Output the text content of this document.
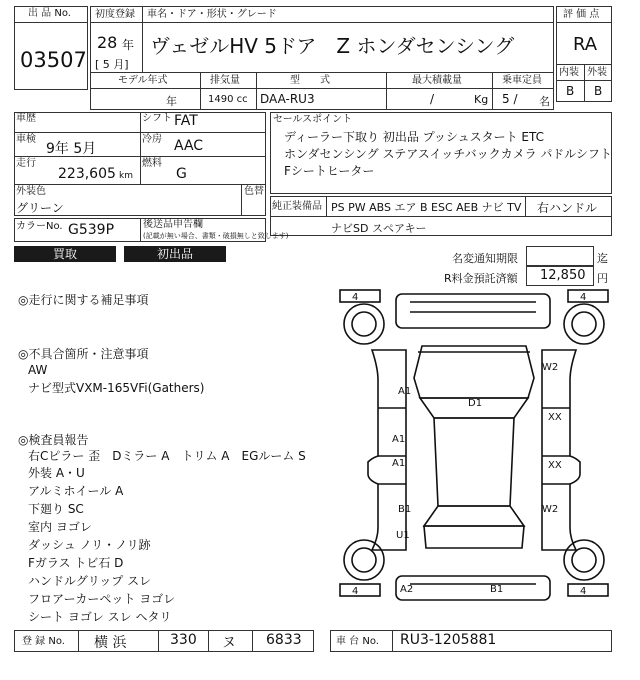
出 品 No.
03507
初度登録 車名・ドア・形状・グレード
28 年
[ 5 月]
ヴェゼルHV 5ドア　Z ホンダセンシング
モデル年式	排気量	型　　式	最大積載量	乗車定員
年	1490 cc DAA-RU3	/	Kg 5 / 名
評 価 点
RA
内装 外装
B B
車歴	シフト FAT
車検
9年 5月
冷房 AAC
走行
223,605 km
燃料
G
外装色
グリーン
色替
セールスポイント
ディーラー下取り 初出品 プッシュスタート ETC
ホンダセンシング ステアスイッチバックカメラ パドルシフト
Fシートヒーター
純正装備品 PS PW ABS エア B ESC AEB ナビ TV 右ハンドル
ナビSD スペアキー
カラーNo. G539P	後送品申告欄
(記載が無い場合、書類・破損無しと致します)
買取	初出品	名変通知期限	迄
R料金預託済額 12,850 円
◎走行に関する補足事項
◎不具合箇所・注意事項
AW
ナビ型式VXM-165VFi(Gathers)
◎検査員報告
右Cピラー 歪　Dミラー A　トリム A　EGルーム S
外装 A・U
アルミホイール A
下廻り SC
室内 ヨゴレ
ダッシュ ノリ・ノリ跡
Fガラス トビ石 D
ハンドルグリップ スレ
フロアーカーペット ヨゴレ
シート ヨゴレ スレ ヘタリ
4	4
4	4
A1
W2
D1
A1
XX
A1	XX
B1	W2
U1
A2	B1
登 録 No. 横 浜	330 ヌ 6833	車 台 No. RU3-1205881
